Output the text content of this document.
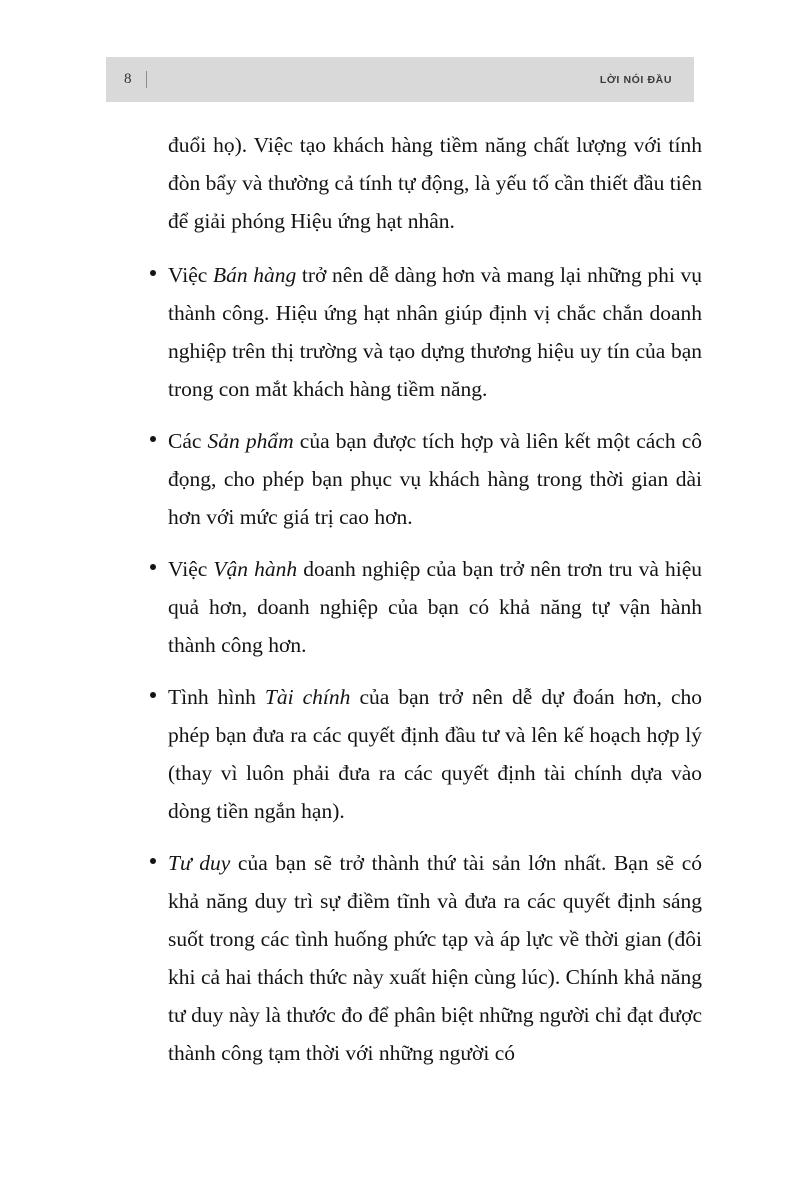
8	LỜI NÓI ĐẦU

đuổi họ). Việc tạo khách hàng tiềm năng chất lượng với tính đòn bẩy và thường cả tính tự động, là yếu tố cần thiết đầu tiên để giải phóng Hiệu ứng hạt nhân.

Việc Bán hàng trở nên dễ dàng hơn và mang lại những phi vụ thành công. Hiệu ứng hạt nhân giúp định vị chắc chắn doanh nghiệp trên thị trường và tạo dựng thương hiệu uy tín của bạn trong con mắt khách hàng tiềm năng.
Các Sản phẩm của bạn được tích hợp và liên kết một cách cô đọng, cho phép bạn phục vụ khách hàng trong thời gian dài hơn với mức giá trị cao hơn.
Việc Vận hành doanh nghiệp của bạn trở nên trơn tru và hiệu quả hơn, doanh nghiệp của bạn có khả năng tự vận hành thành công hơn.
Tình hình Tài chính của bạn trở nên dễ dự đoán hơn, cho phép bạn đưa ra các quyết định đầu tư và lên kế hoạch hợp lý (thay vì luôn phải đưa ra các quyết định tài chính dựa vào dòng tiền ngắn hạn).
Tư duy của bạn sẽ trở thành thứ tài sản lớn nhất. Bạn sẽ có khả năng duy trì sự điềm tĩnh và đưa ra các quyết định sáng suốt trong các tình huống phức tạp và áp lực về thời gian (đôi khi cả hai thách thức này xuất hiện cùng lúc). Chính khả năng tư duy này là thước đo để phân biệt những người chỉ đạt được thành công tạm thời với những người có
